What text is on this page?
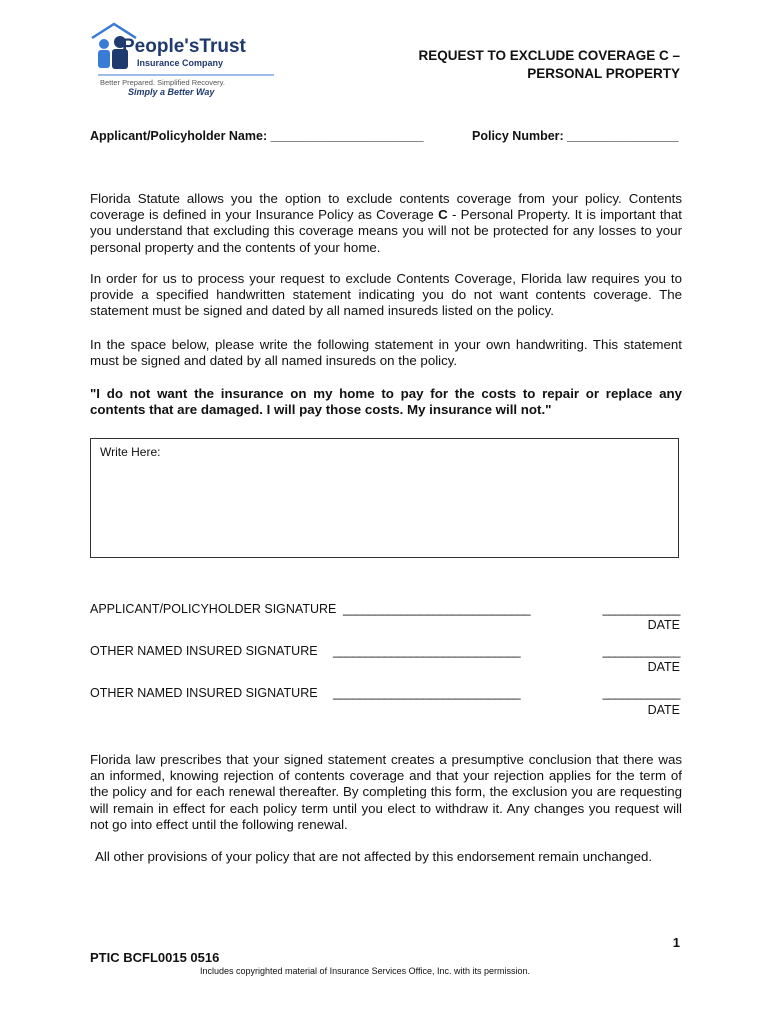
People'sTrust
Insurance Company
Better Prepared. Simplified Recovery.
Simply a Better Way
REQUEST TO EXCLUDE COVERAGE C –
PERSONAL PROPERTY
Applicant/Policyholder Name: ______________________	Policy Number: ________________
Florida Statute allows you the option to exclude contents coverage from your policy. Contents coverage is defined in your Insurance Policy as Coverage C - Personal Property. It is important that you understand that excluding this coverage means you will not be protected for any losses to your personal property and the contents of your home.
In order for us to process your request to exclude Contents Coverage, Florida law requires you to provide a specified handwritten statement indicating you do not want contents coverage. The statement must be signed and dated by all named insureds listed on the policy.
In the space below, please write the following statement in your own handwriting. This statement must be signed and dated by all named insureds on the policy.
"I do not want the insurance on my home to pay for the costs to repair or replace any contents that are damaged. I will pay those costs. My insurance will not."
Write Here:
APPLICANT/POLICYHOLDER SIGNATURE _____________________________	____________
DATE
OTHER NAMED INSURED SIGNATURE _____________________________	____________
DATE
OTHER NAMED INSURED SIGNATURE _____________________________	____________
DATE
Florida law prescribes that your signed statement creates a presumptive conclusion that there was an informed, knowing rejection of contents coverage and that your rejection applies for the term of the policy and for each renewal thereafter. By completing this form, the exclusion you are requesting will remain in effect for each policy term until you elect to withdraw it. Any changes you request will not go into effect until the following renewal.
All other provisions of your policy that are not affected by this endorsement remain unchanged.
1
PTIC BCFL0015 0516
Includes copyrighted material of Insurance Services Office, Inc. with its permission.
